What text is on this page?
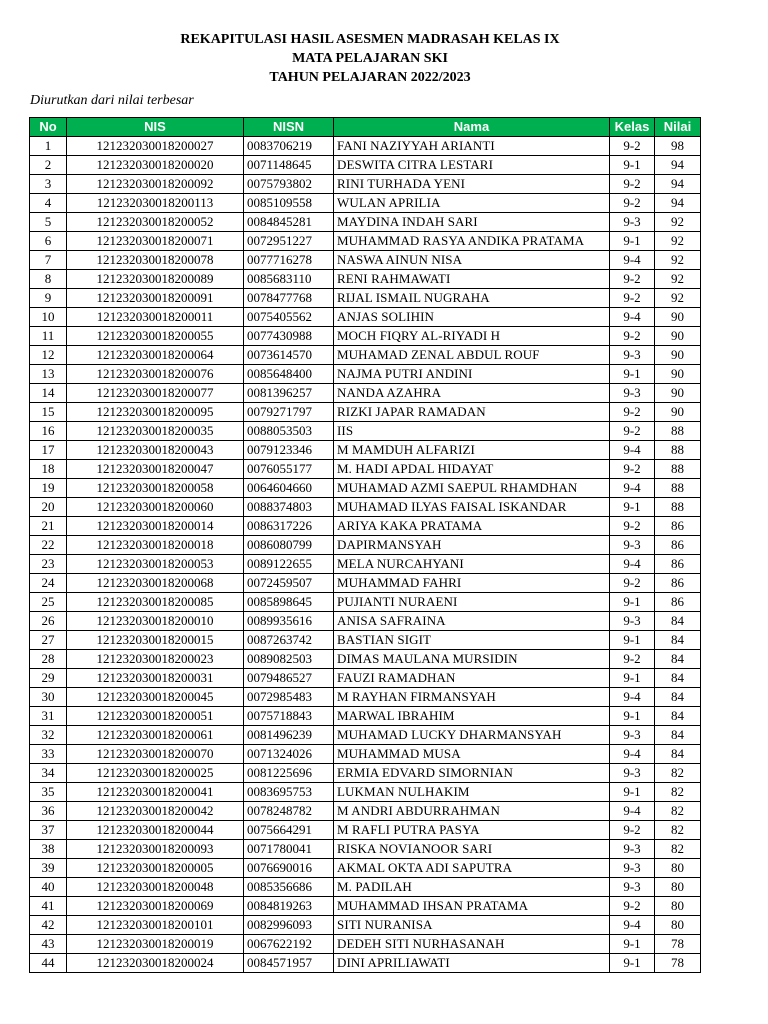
REKAPITULASI HASIL ASESMEN MADRASAH KELAS IX
MATA PELAJARAN SKI
TAHUN PELAJARAN 2022/2023
Diurutkan dari nilai terbesar
No	NIS	NISN	Nama	Kelas	Nilai
1	121232030018200027	0083706219	FANI NAZIYYAH ARIANTI	9-2	98
2	121232030018200020	0071148645	DESWITA CITRA LESTARI	9-1	94
3	121232030018200092	0075793802	RINI TURHADA YENI	9-2	94
4	121232030018200113	0085109558	WULAN APRILIA	9-2	94
5	121232030018200052	0084845281	MAYDINA INDAH SARI	9-3	92
6	121232030018200071	0072951227	MUHAMMAD RASYA ANDIKA PRATAMA	9-1	92
7	121232030018200078	0077716278	NASWA AINUN NISA	9-4	92
8	121232030018200089	0085683110	RENI RAHMAWATI	9-2	92
9	121232030018200091	0078477768	RIJAL ISMAIL NUGRAHA	9-2	92
10	121232030018200011	0075405562	ANJAS SOLIHIN	9-4	90
11	121232030018200055	0077430988	MOCH FIQRY AL-RIYADI H	9-2	90
12	121232030018200064	0073614570	MUHAMAD ZENAL ABDUL ROUF	9-3	90
13	121232030018200076	0085648400	NAJMA PUTRI ANDINI	9-1	90
14	121232030018200077	0081396257	NANDA AZAHRA	9-3	90
15	121232030018200095	0079271797	RIZKI JAPAR RAMADAN	9-2	90
16	121232030018200035	0088053503	IIS	9-2	88
17	121232030018200043	0079123346	M MAMDUH ALFARIZI	9-4	88
18	121232030018200047	0076055177	M. HADI APDAL HIDAYAT	9-2	88
19	121232030018200058	0064604660	MUHAMAD AZMI SAEPUL RHAMDHAN	9-4	88
20	121232030018200060	0088374803	MUHAMAD ILYAS FAISAL ISKANDAR	9-1	88
21	121232030018200014	0086317226	ARIYA KAKA PRATAMA	9-2	86
22	121232030018200018	0086080799	DAPIRMANSYAH	9-3	86
23	121232030018200053	0089122655	MELA NURCAHYANI	9-4	86
24	121232030018200068	0072459507	MUHAMMAD FAHRI	9-2	86
25	121232030018200085	0085898645	PUJIANTI NURAENI	9-1	86
26	121232030018200010	0089935616	ANISA SAFRAINA	9-3	84
27	121232030018200015	0087263742	BASTIAN SIGIT	9-1	84
28	121232030018200023	0089082503	DIMAS MAULANA MURSIDIN	9-2	84
29	121232030018200031	0079486527	FAUZI RAMADHAN	9-1	84
30	121232030018200045	0072985483	M RAYHAN FIRMANSYAH	9-4	84
31	121232030018200051	0075718843	MARWAL IBRAHIM	9-1	84
32	121232030018200061	0081496239	MUHAMAD LUCKY DHARMANSYAH	9-3	84
33	121232030018200070	0071324026	MUHAMMAD MUSA	9-4	84
34	121232030018200025	0081225696	ERMIA EDVARD SIMORNIAN	9-3	82
35	121232030018200041	0083695753	LUKMAN NULHAKIM	9-1	82
36	121232030018200042	0078248782	M ANDRI ABDURRAHMAN	9-4	82
37	121232030018200044	0075664291	M RAFLI PUTRA PASYA	9-2	82
38	121232030018200093	0071780041	RISKA NOVIANOOR SARI	9-3	82
39	121232030018200005	0076690016	AKMAL OKTA ADI SAPUTRA	9-3	80
40	121232030018200048	0085356686	M. PADILAH	9-3	80
41	121232030018200069	0084819263	MUHAMMAD IHSAN PRATAMA	9-2	80
42	121232030018200101	0082996093	SITI NURANISA	9-4	80
43	121232030018200019	0067622192	DEDEH SITI NURHASANAH	9-1	78
44	121232030018200024	0084571957	DINI APRILIAWATI	9-1	78
